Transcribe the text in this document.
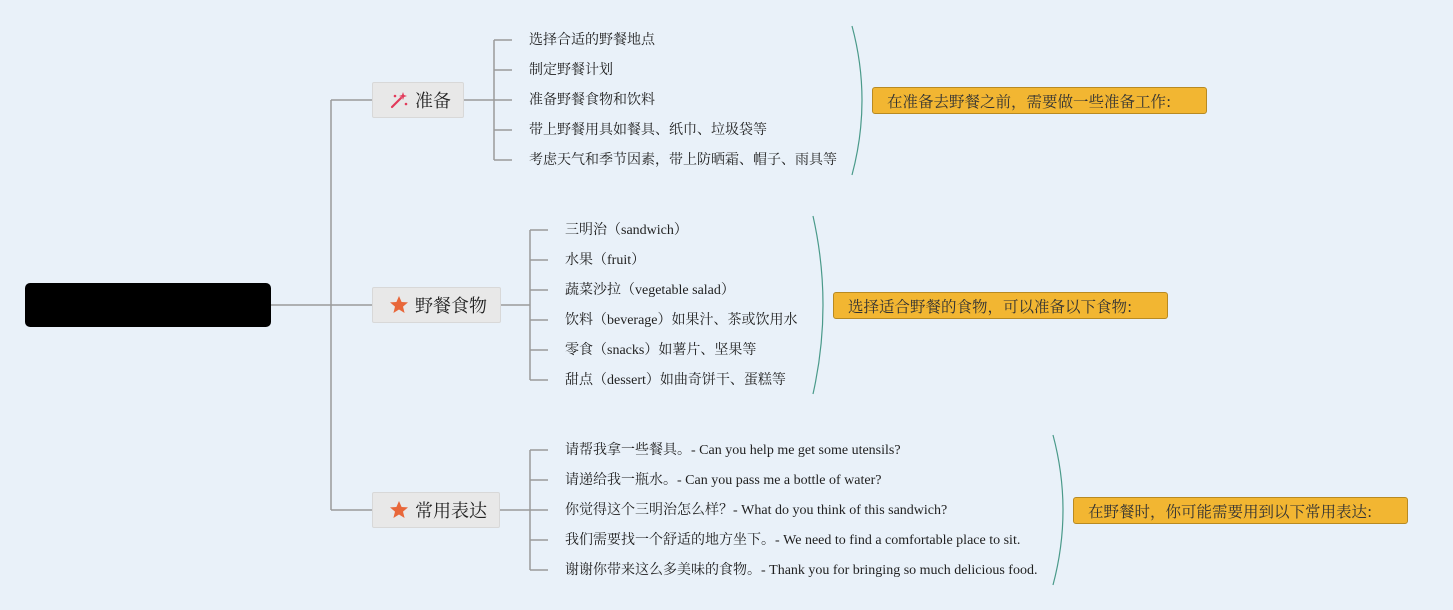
准备
选择合适的野餐地点
制定野餐计划
准备野餐食物和饮料
带上野餐用具如餐具、纸巾、垃圾袋等
考虑天气和季节因素，带上防晒霜、帽子、雨具等
在准备去野餐之前，需要做一些准备工作:
野餐食物
三明治（sandwich）
水果（fruit）
蔬菜沙拉（vegetable salad）
饮料（beverage）如果汁、茶或饮用水
零食（snacks）如薯片、坚果等
甜点（dessert）如曲奇饼干、蛋糕等
选择适合野餐的食物，可以准备以下食物:
常用表达
请帮我拿一些餐具。- Can you help me get some utensils?
请递给我一瓶水。- Can you pass me a bottle of water?
你觉得这个三明治怎么样？- What do you think of this sandwich?
我们需要找一个舒适的地方坐下。- We need to find a comfortable place to sit.
谢谢你带来这么多美味的食物。- Thank you for bringing so much delicious food.
在野餐时，你可能需要用到以下常用表达:
